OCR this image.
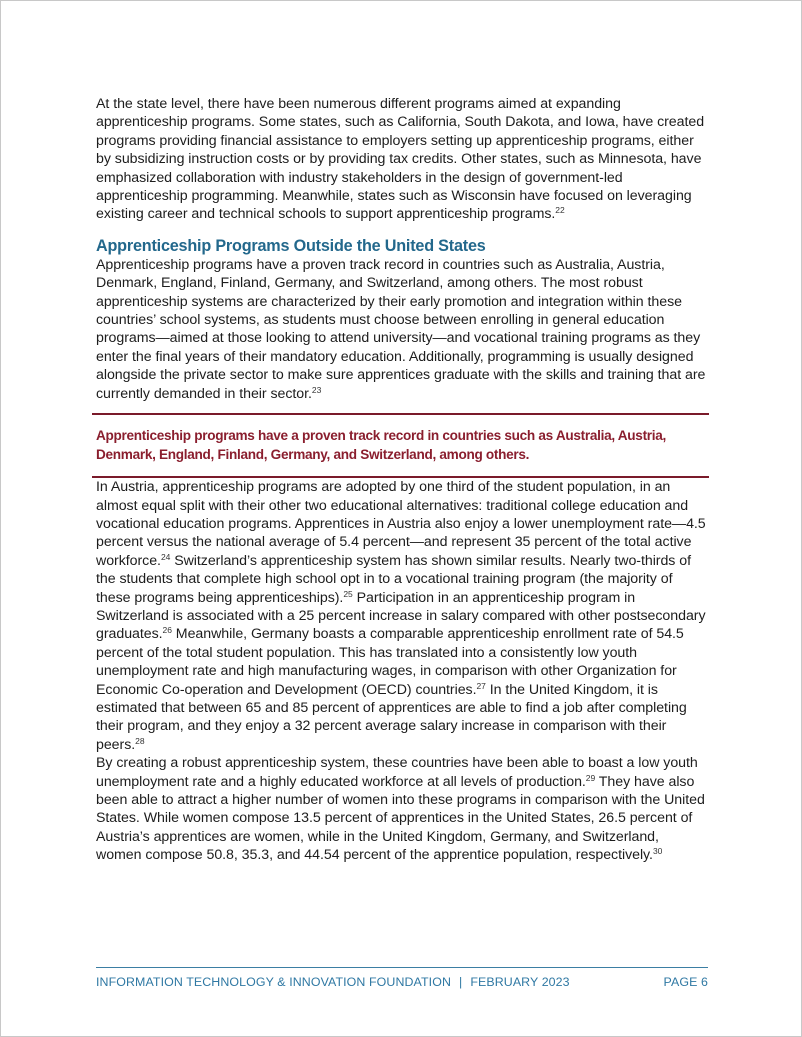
At the state level, there have been numerous different programs aimed at expanding apprenticeship programs. Some states, such as California, South Dakota, and Iowa, have created programs providing financial assistance to employers setting up apprenticeship programs, either by subsidizing instruction costs or by providing tax credits. Other states, such as Minnesota, have emphasized collaboration with industry stakeholders in the design of government-led apprenticeship programming. Meanwhile, states such as Wisconsin have focused on leveraging existing career and technical schools to support apprenticeship programs.$^{22}$

Apprenticeship Programs Outside the United States

Apprenticeship programs have a proven track record in countries such as Australia, Austria, Denmark, England, Finland, Germany, and Switzerland, among others. The most robust apprenticeship systems are characterized by their early promotion and integration within these countries’ school systems, as students must choose between enrolling in general education programs—aimed at those looking to attend university—and vocational training programs as they enter the final years of their mandatory education. Additionally, programming is usually designed alongside the private sector to make sure apprentices graduate with the skills and training that are currently demanded in their sector.$^{23}$

Apprenticeship programs have a proven track record in countries such as Australia, Austria, Denmark, England, Finland, Germany, and Switzerland, among others.

In Austria, apprenticeship programs are adopted by one third of the student population, in an almost equal split with their other two educational alternatives: traditional college education and vocational education programs. Apprentices in Austria also enjoy a lower unemployment rate—4.5 percent versus the national average of 5.4 percent—and represent 35 percent of the total active workforce.$^{24}$ Switzerland’s apprenticeship system has shown similar results. Nearly two-thirds of the students that complete high school opt in to a vocational training program (the majority of these programs being apprenticeships).$^{25}$ Participation in an apprenticeship program in Switzerland is associated with a 25 percent increase in salary compared with other postsecondary graduates.$^{26}$ Meanwhile, Germany boasts a comparable apprenticeship enrollment rate of 54.5 percent of the total student population. This has translated into a consistently low youth unemployment rate and high manufacturing wages, in comparison with other Organization for Economic Co-operation and Development (OECD) countries.$^{27}$ In the United Kingdom, it is estimated that between 65 and 85 percent of apprentices are able to find a job after completing their program, and they enjoy a 32 percent average salary increase in comparison with their peers.$^{28}$

By creating a robust apprenticeship system, these countries have been able to boast a low youth unemployment rate and a highly educated workforce at all levels of production.$^{29}$ They have also been able to attract a higher number of women into these programs in comparison with the United States. While women compose 13.5 percent of apprentices in the United States, 26.5 percent of Austria’s apprentices are women, while in the United Kingdom, Germany, and Switzerland, women compose 50.8, 35.3, and 44.54 percent of the apprentice population, respectively.$^{30}$

INFORMATION TECHNOLOGY & INNOVATION FOUNDATION | FEBRUARY 2023	PAGE 6
